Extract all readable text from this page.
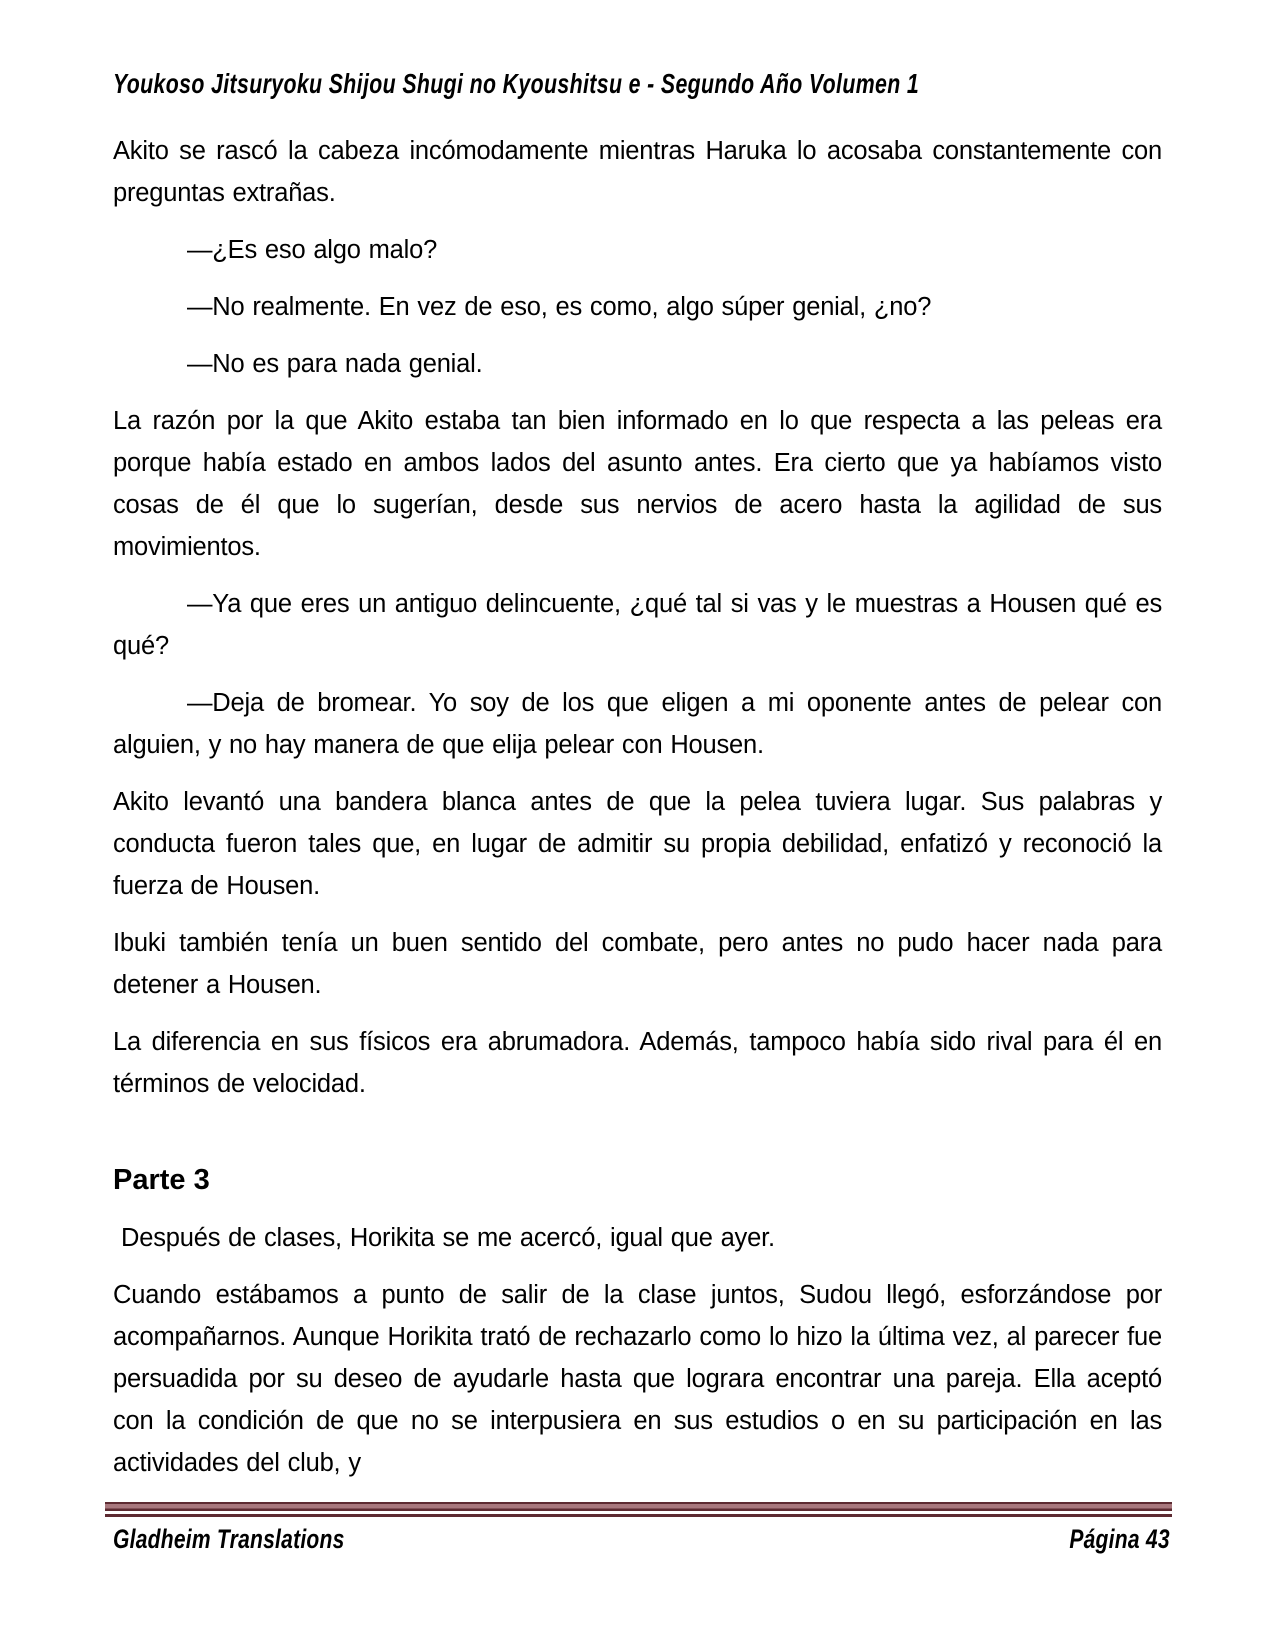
Youkoso Jitsuryoku Shijou Shugi no Kyoushitsu e - Segundo Año Volumen 1

Akito se rascó la cabeza incómodamente mientras Haruka lo acosaba constantemente con preguntas extrañas.

—¿Es eso algo malo?

—No realmente. En vez de eso, es como, algo súper genial, ¿no?

—No es para nada genial.

La razón por la que Akito estaba tan bien informado en lo que respecta a las peleas era porque había estado en ambos lados del asunto antes. Era cierto que ya habíamos visto cosas de él que lo sugerían, desde sus nervios de acero hasta la agilidad de sus movimientos.

—Ya que eres un antiguo delincuente, ¿qué tal si vas y le muestras a Housen qué es qué?

—Deja de bromear. Yo soy de los que eligen a mi oponente antes de pelear con alguien, y no hay manera de que elija pelear con Housen.

Akito levantó una bandera blanca antes de que la pelea tuviera lugar. Sus palabras y conducta fueron tales que, en lugar de admitir su propia debilidad, enfatizó y reconoció la fuerza de Housen.

Ibuki también tenía un buen sentido del combate, pero antes no pudo hacer nada para detener a Housen.

La diferencia en sus físicos era abrumadora. Además, tampoco había sido rival para él en términos de velocidad.

Parte 3

Después de clases, Horikita se me acercó, igual que ayer.

Cuando estábamos a punto de salir de la clase juntos, Sudou llegó, esforzándose por acompañarnos. Aunque Horikita trató de rechazarlo como lo hizo la última vez, al parecer fue persuadida por su deseo de ayudarle hasta que lograra encontrar una pareja. Ella aceptó con la condición de que no se interpusiera en sus estudios o en su participación en las actividades del club, y

Gladheim Translations	Página 43
